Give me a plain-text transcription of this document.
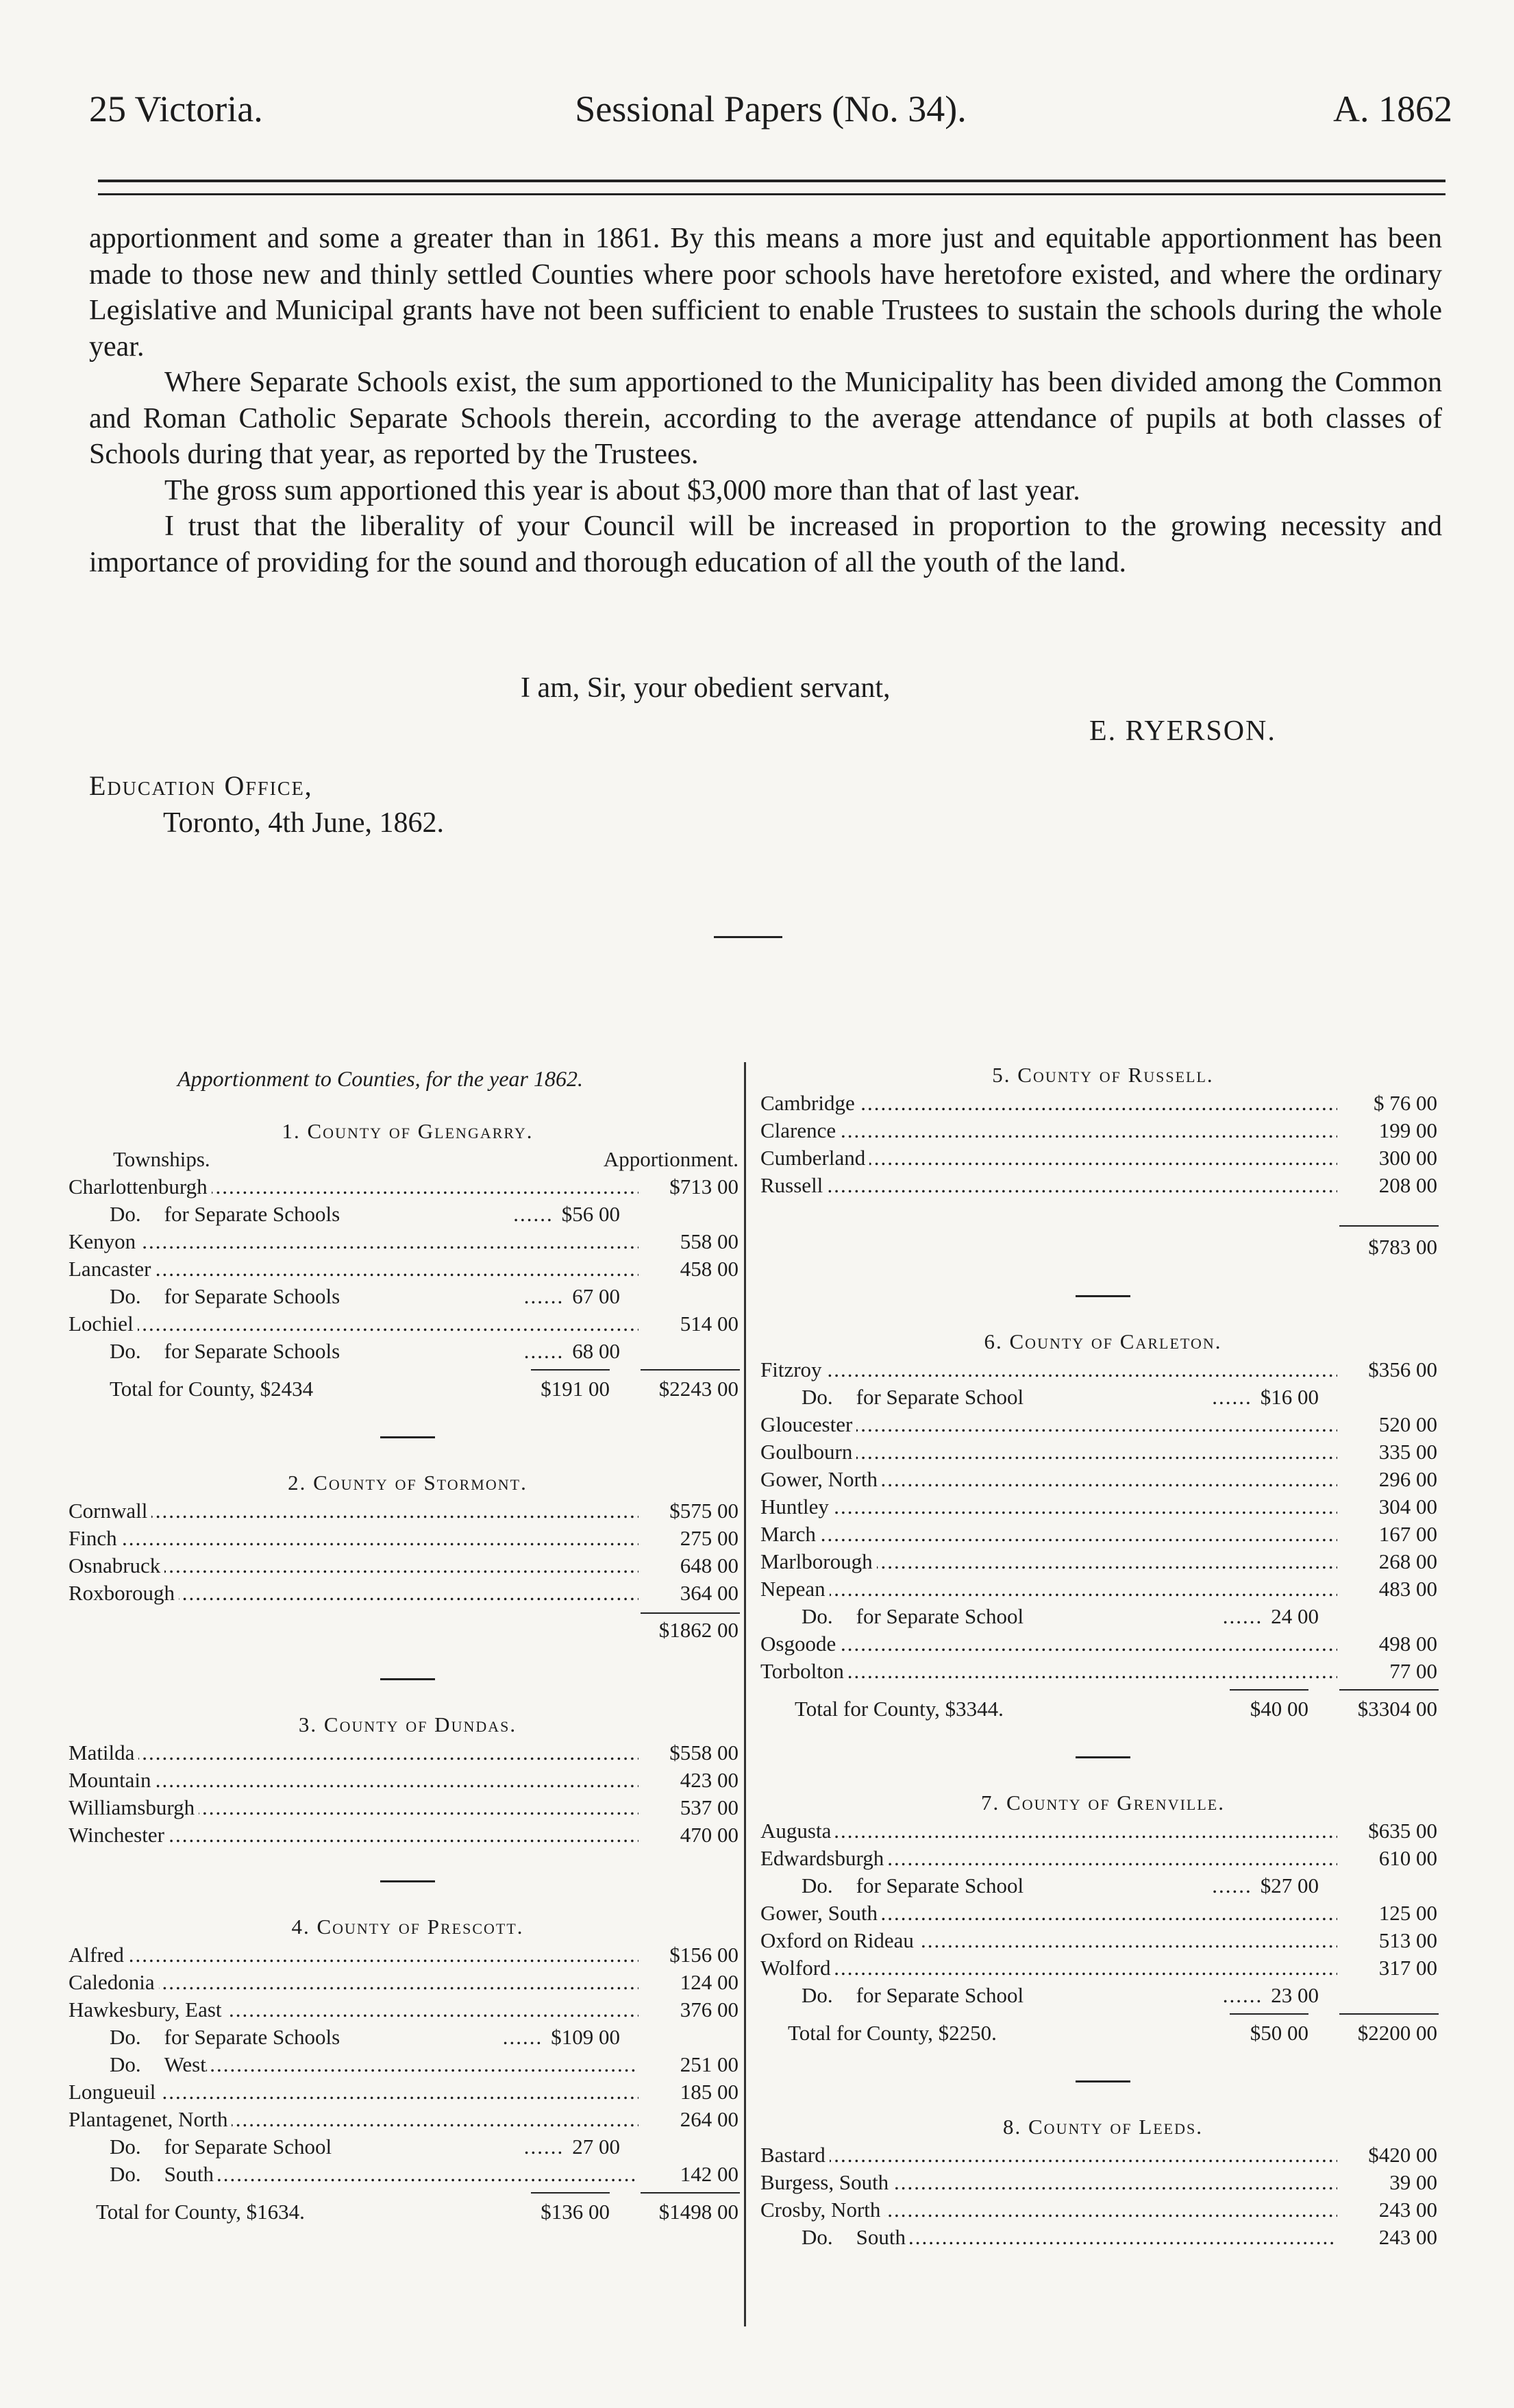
25 Victoria.	Sessional Papers (No. 34).	A. 1862

apportionment and some a greater than in 1861. By this means a more just and equitable apportionment has been made to those new and thinly settled Counties where poor schools have heretofore existed, and where the ordinary Legislative and Municipal grants have not been sufficient to enable Trustees to sustain the schools during the whole year.

Where Separate Schools exist, the sum apportioned to the Municipality has been divided among the Common and Roman Catholic Separate Schools therein, according to the average attendance of pupils at both classes of Schools during that year, as reported by the Trustees.

The gross sum apportioned this year is about $3,000 more than that of last year.

I trust that the liberality of your Council will be increased in proportion to the growing necessity and importance of providing for the sound and thorough education of all the youth of the land.

I am, Sir, your obedient servant,
E. RYERSON.
Education Office,
Toronto, 4th June, 1862.
Apportionment to Counties, for the year 1862.
1. County of Glengarry.
Townships.	Apportionment.
Charlottenburgh .....	$713 00
Do. for Separate Schools	...... $56 00
Kenyon .....	558 00
Lancaster .....	458 00
Do. for Separate Schools	...... 67 00
Lochiel .....	514 00
Do. for Separate Schools	...... 68 00
Total for County, $2434	$191 00 $2243 00
2. County of Stormont.
Cornwall .....	$575 00
Finch .....	275 00
Osnabruck .....	648 00
Roxborough .....	364 00
$1862 00
3. County of Dundas.
Matilda .....	$558 00
Mountain .....	423 00
Williamsburgh .....	537 00
Winchester .....	470 00
4. County of Prescott.
Alfred .....	$156 00
Caledonia .....	124 00
Hawkesbury, East .....	376 00
Do. for Separate Schools	...... $109 00
Do. West .....	251 00
Longueuil .....	185 00
Plantagenet, North .....	264 00
Do. for Separate School	...... 27 00
Do. South .....	142 00
Total for County, $1634.	$136 00 $1498 00
5. County of Russell.
Cambridge .....	$ 76 00
Clarence .....	199 00
Cumberland .....	300 00
Russell .....	208 00
$783 00
6. County of Carleton.
Fitzroy .....	$356 00
Do. for Separate School	...... $16 00
Gloucester .....	520 00
Goulbourn .....	335 00
Gower, North .....	296 00
Huntley .....	304 00
March .....	167 00
Marlborough .....	268 00
Nepean .....	483 00
Do. for Separate School	...... 24 00
Osgoode .....	498 00
Torbolton .....	77 00
Total for County, $3344.	$40 00 $3304 00
7. County of Grenville.
Augusta .....	$635 00
Edwardsburgh .....	610 00
Do. for Separate School	...... $27 00
Gower, South .....	125 00
Oxford on Rideau .....	513 00
Wolford .....	317 00
Do. for Separate School	...... 23 00
Total for County, $2250.	$50 00 $2200 00
8. County of Leeds.
Bastard .....	$420 00
Burgess, South .....	39 00
Crosby, North .....	243 00
Do. South .....	243 00
